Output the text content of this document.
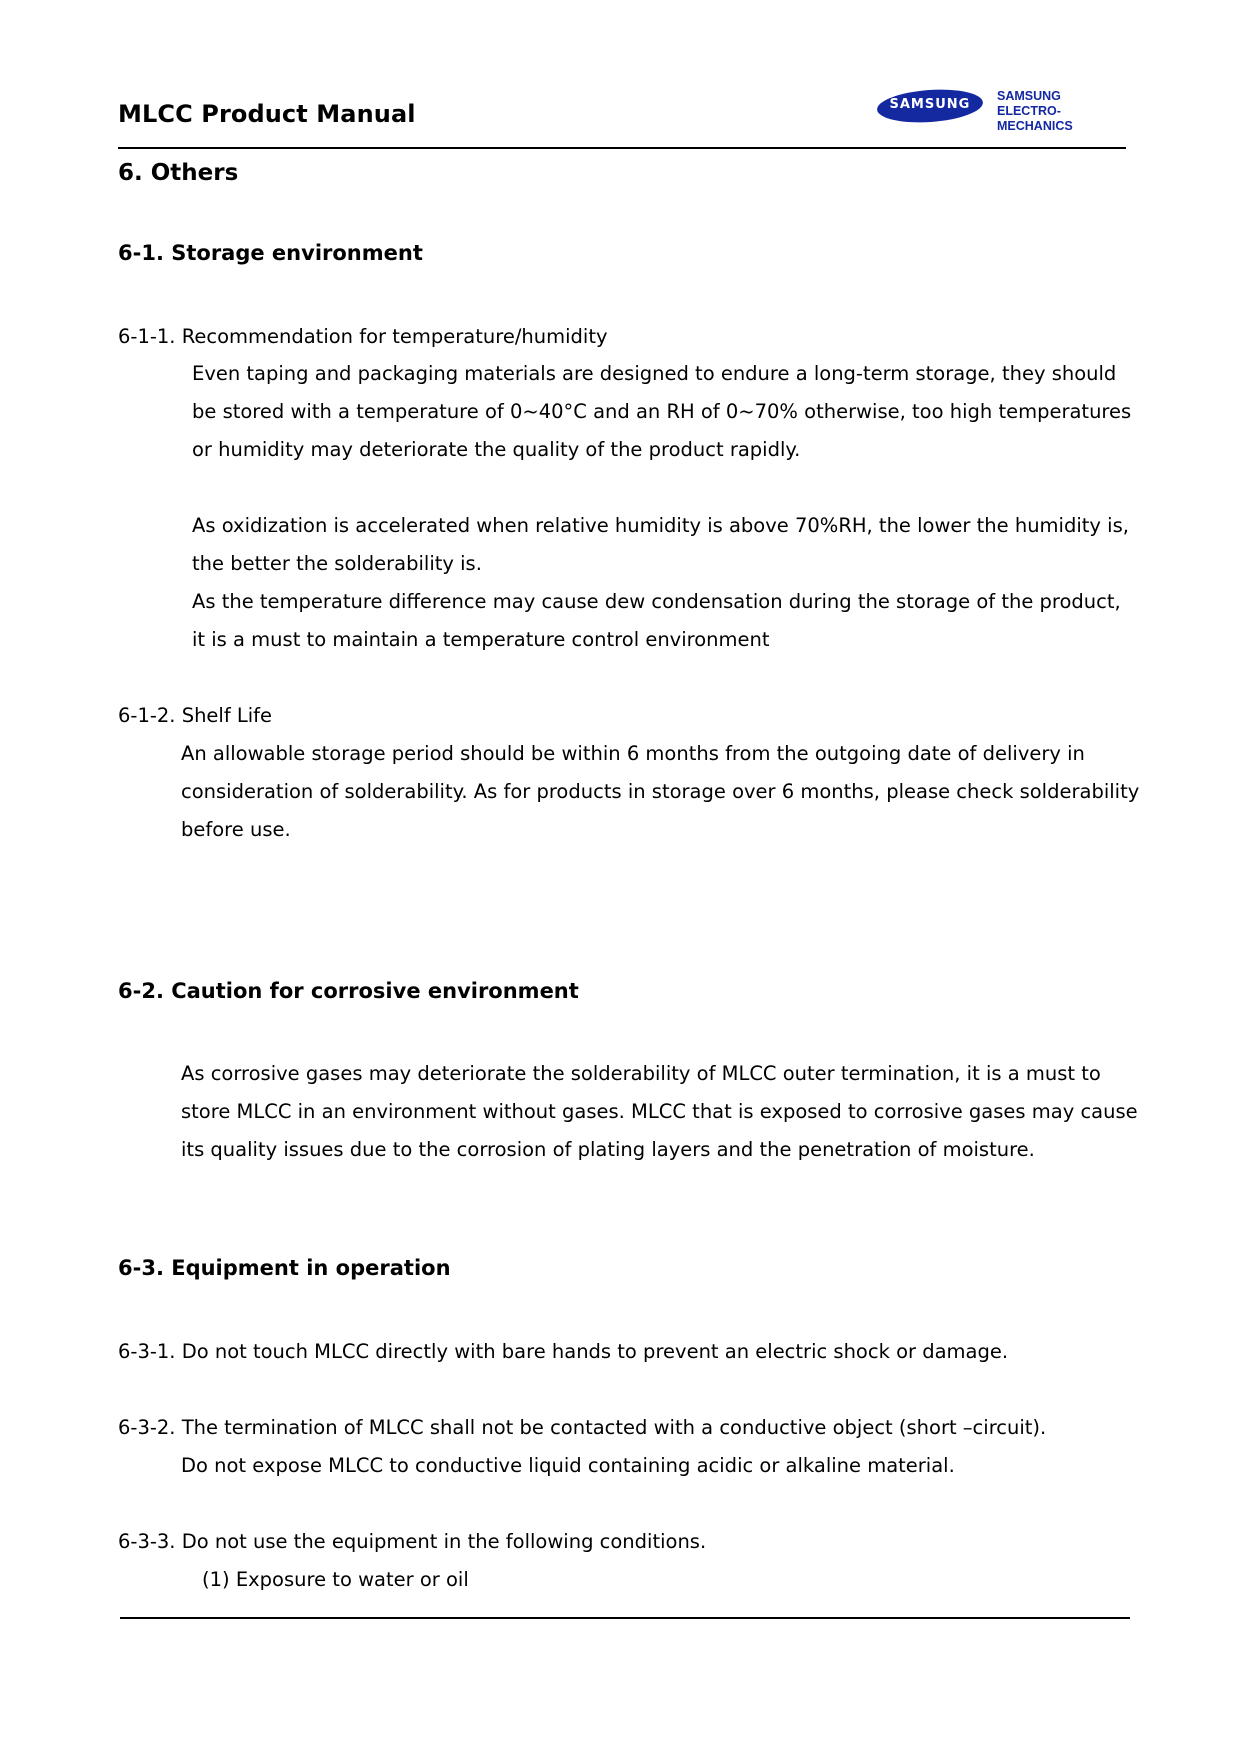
MLCC Product Manual	SAMSUNG
SAMSUNG
ELECTRO-MECHANICS
6. Others
6-1. Storage environment
6-1-1. Recommendation for temperature/humidity
Even taping and packaging materials are designed to endure a long-term storage, they should
be stored with a temperature of 0~40°C and an RH of 0~70% otherwise, too high temperatures
or humidity may deteriorate the quality of the product rapidly.
As oxidization is accelerated when relative humidity is above 70%RH, the lower the humidity is,
the better the solderability is.
As the temperature difference may cause dew condensation during the storage of the product,
it is a must to maintain a temperature control environment
6-1-2. Shelf Life
An allowable storage period should be within 6 months from the outgoing date of delivery in
consideration of solderability. As for products in storage over 6 months, please check solderability
before use.
6-2. Caution for corrosive environment
As corrosive gases may deteriorate the solderability of MLCC outer termination, it is a must to
store MLCC in an environment without gases. MLCC that is exposed to corrosive gases may cause
its quality issues due to the corrosion of plating layers and the penetration of moisture.
6-3. Equipment in operation
6-3-1. Do not touch MLCC directly with bare hands to prevent an electric shock or damage.
6-3-2. The termination of MLCC shall not be contacted with a conductive object (short –circuit).
Do not expose MLCC to conductive liquid containing acidic or alkaline material.
6-3-3. Do not use the equipment in the following conditions.
(1) Exposure to water or oil
